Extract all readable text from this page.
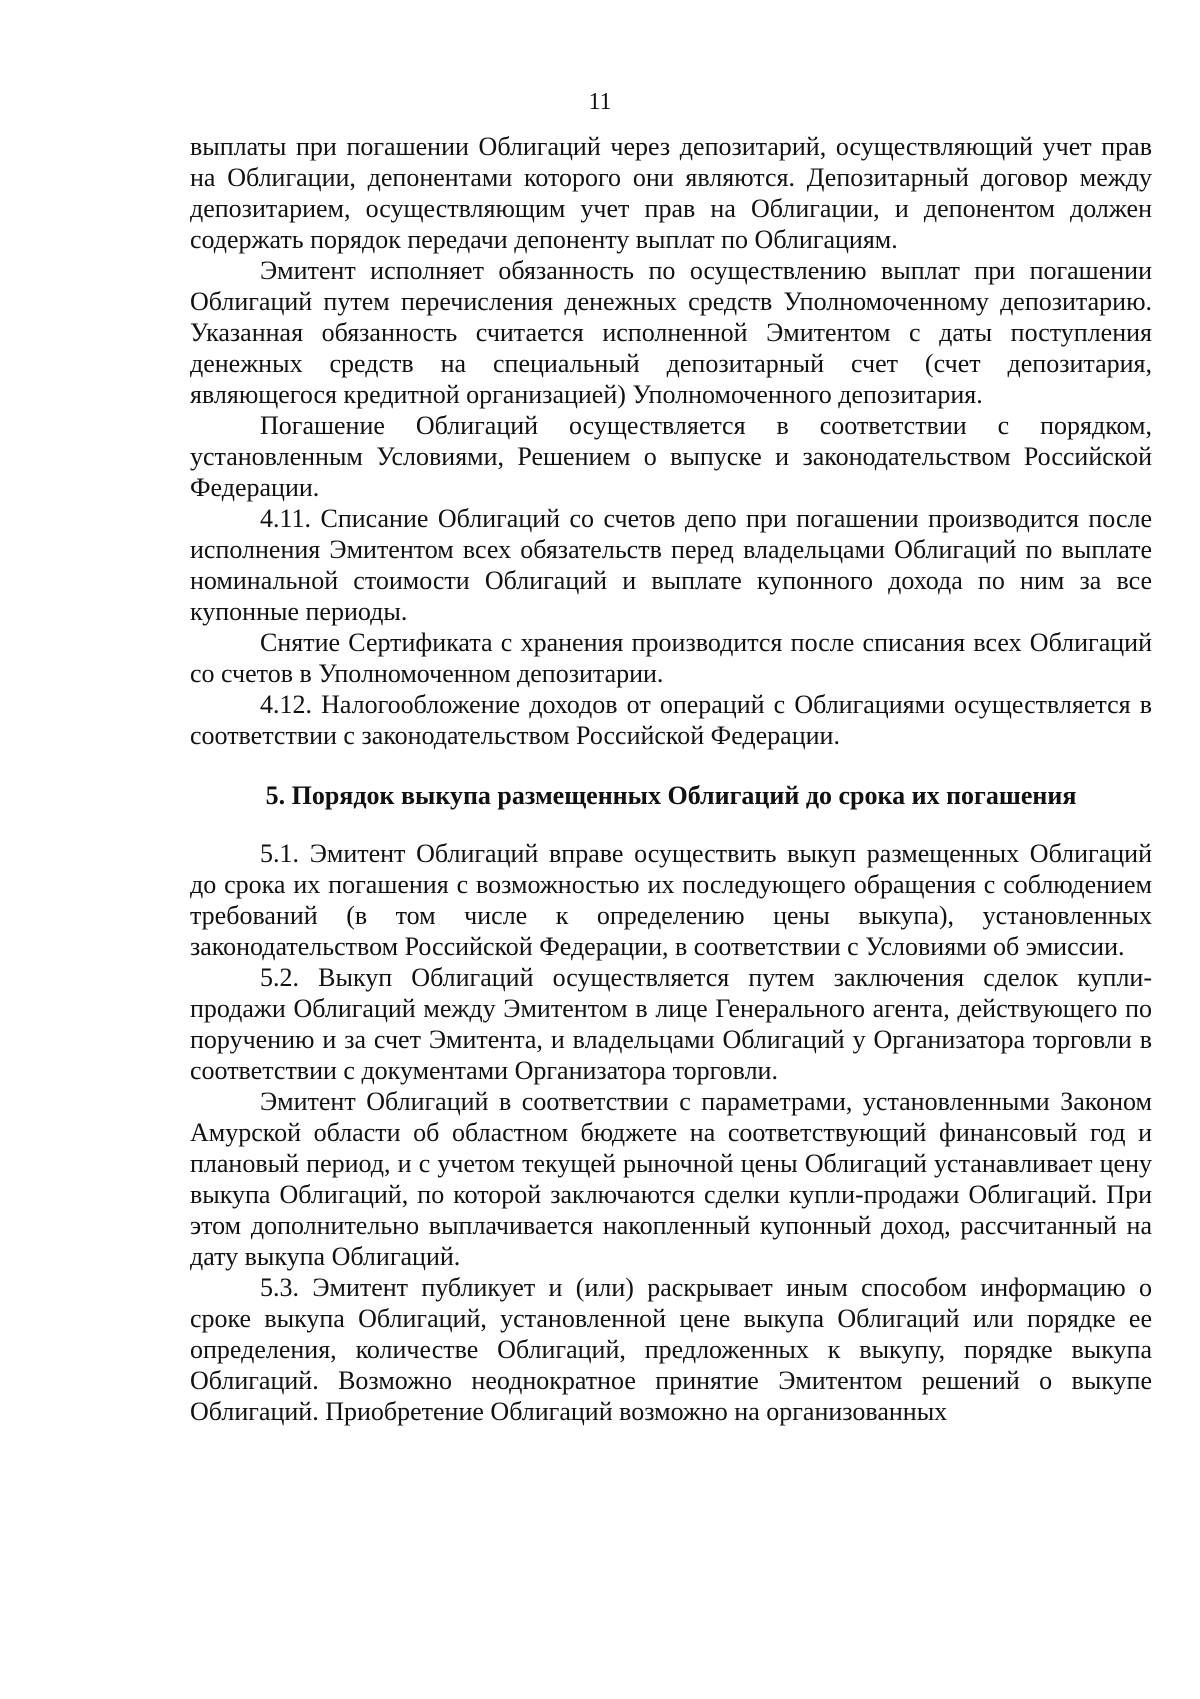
11

выплаты при погашении Облигаций через депозитарий, осуществляющий учет прав на Облигации, депонентами которого они являются. Депозитарный договор между депозитарием, осуществляющим учет прав на Облигации, и депонентом должен содержать порядок передачи депоненту выплат по Облигациям.

Эмитент исполняет обязанность по осуществлению выплат при погашении Облигаций путем перечисления денежных средств Уполномоченному депозитарию. Указанная обязанность считается исполненной Эмитентом с даты поступления денежных средств на специальный депозитарный счет (счет депозитария, являющегося кредитной организацией) Уполномоченного депозитария.

Погашение Облигаций осуществляется в соответствии с порядком, установленным Условиями, Решением о выпуске и законодательством Российской Федерации.

4.11. Списание Облигаций со счетов депо при погашении производится после исполнения Эмитентом всех обязательств перед владельцами Облигаций по выплате номинальной стоимости Облигаций и выплате купонного дохода по ним за все купонные периоды.

Снятие Сертификата с хранения производится после списания всех Облигаций со счетов в Уполномоченном депозитарии.

4.12. Налогообложение доходов от операций с Облигациями осуществляется в соответствии с законодательством Российской Федерации.

5. Порядок выкупа размещенных Облигаций до срока их погашения

5.1. Эмитент Облигаций вправе осуществить выкуп размещенных Облигаций до срока их погашения с возможностью их последующего обращения с соблюдением требований (в том числе к определению цены выкупа), установленных законодательством Российской Федерации, в соответствии с Условиями об эмиссии.

5.2. Выкуп Облигаций осуществляется путем заключения сделок купли-продажи Облигаций между Эмитентом в лице Генерального агента, действующего по поручению и за счет Эмитента, и владельцами Облигаций у Организатора торговли в соответствии с документами Организатора торговли.

Эмитент Облигаций в соответствии с параметрами, установленными Законом Амурской области об областном бюджете на соответствующий финансовый год и плановый период, и с учетом текущей рыночной цены Облигаций устанавливает цену выкупа Облигаций, по которой заключаются сделки купли-продажи Облигаций. При этом дополнительно выплачивается накопленный купонный доход, рассчитанный на дату выкупа Облигаций.

5.3. Эмитент публикует и (или) раскрывает иным способом информацию о сроке выкупа Облигаций, установленной цене выкупа Облигаций или порядке ее определения, количестве Облигаций, предложенных к выкупу, порядке выкупа Облигаций. Возможно неоднократное принятие Эмитентом решений о выкупе Облигаций. Приобретение Облигаций возможно на организованных
